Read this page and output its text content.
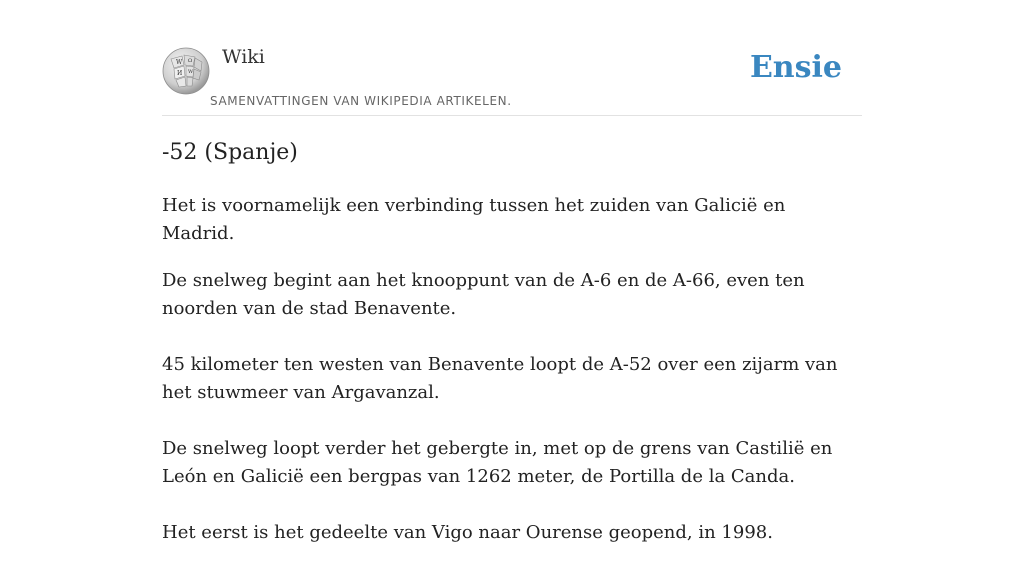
W Ω
И W
Wiki
SAMENVATTINGEN VAN WIKIPEDIA ARTIKELEN.
Ensie
-52 (Spanje)

Het is voornamelijk een verbinding tussen het zuiden van Galicië en Madrid.

De snelweg begint aan het knooppunt van de A-6 en de A-66, even ten noorden van de stad Benavente.

45 kilometer ten westen van Benavente loopt de A-52 over een zijarm van het stuwmeer van Argavanzal.

De snelweg loopt verder het gebergte in, met op de grens van Castilië en León en Galicië een bergpas van 1262 meter, de Portilla de la Canda.

Het eerst is het gedeelte van Vigo naar Ourense geopend, in 1998.
